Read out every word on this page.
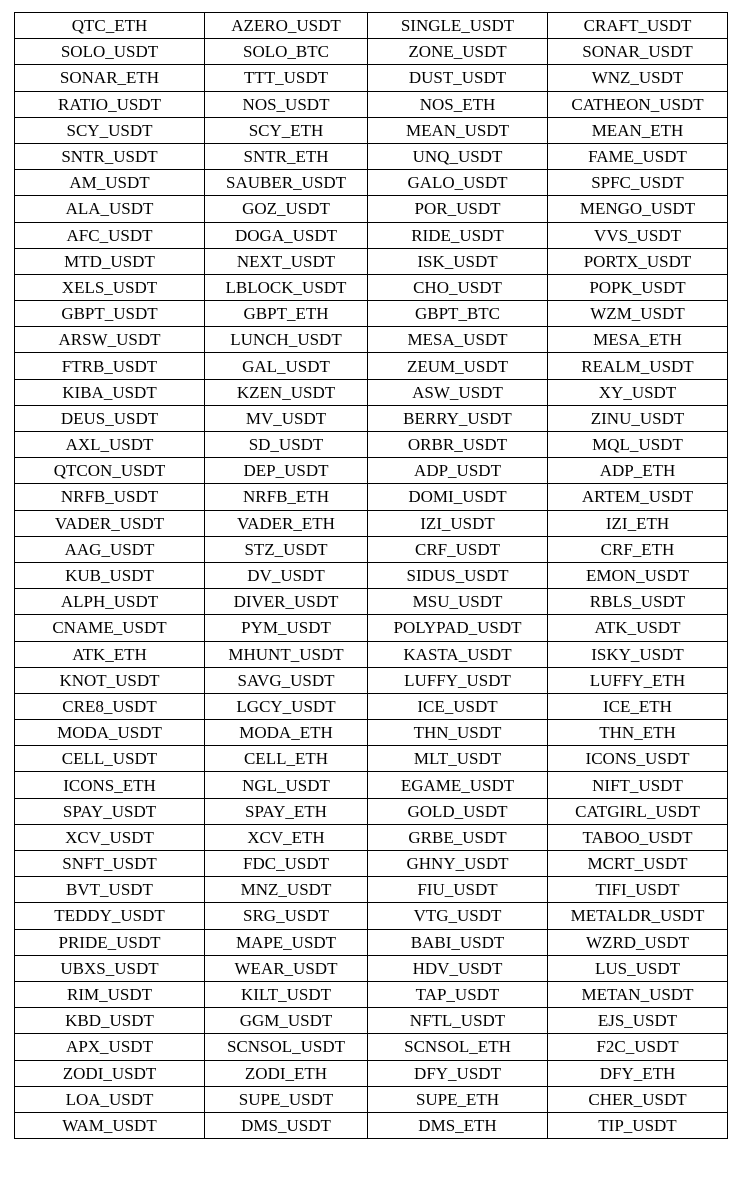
QTC_ETH	AZERO_USDT	SINGLE_USDT	CRAFT_USDT
SOLO_USDT	SOLO_BTC	ZONE_USDT	SONAR_USDT
SONAR_ETH	TTT_USDT	DUST_USDT	WNZ_USDT
RATIO_USDT	NOS_USDT	NOS_ETH	CATHEON_USDT
SCY_USDT	SCY_ETH	MEAN_USDT	MEAN_ETH
SNTR_USDT	SNTR_ETH	UNQ_USDT	FAME_USDT
AM_USDT	SAUBER_USDT	GALO_USDT	SPFC_USDT
ALA_USDT	GOZ_USDT	POR_USDT	MENGO_USDT
AFC_USDT	DOGA_USDT	RIDE_USDT	VVS_USDT
MTD_USDT	NEXT_USDT	ISK_USDT	PORTX_USDT
XELS_USDT	LBLOCK_USDT	CHO_USDT	POPK_USDT
GBPT_USDT	GBPT_ETH	GBPT_BTC	WZM_USDT
ARSW_USDT	LUNCH_USDT	MESA_USDT	MESA_ETH
FTRB_USDT	GAL_USDT	ZEUM_USDT	REALM_USDT
KIBA_USDT	KZEN_USDT	ASW_USDT	XY_USDT
DEUS_USDT	MV_USDT	BERRY_USDT	ZINU_USDT
AXL_USDT	SD_USDT	ORBR_USDT	MQL_USDT
QTCON_USDT	DEP_USDT	ADP_USDT	ADP_ETH
NRFB_USDT	NRFB_ETH	DOMI_USDT	ARTEM_USDT
VADER_USDT	VADER_ETH	IZI_USDT	IZI_ETH
AAG_USDT	STZ_USDT	CRF_USDT	CRF_ETH
KUB_USDT	DV_USDT	SIDUS_USDT	EMON_USDT
ALPH_USDT	DIVER_USDT	MSU_USDT	RBLS_USDT
CNAME_USDT	PYM_USDT	POLYPAD_USDT	ATK_USDT
ATK_ETH	MHUNT_USDT	KASTA_USDT	ISKY_USDT
KNOT_USDT	SAVG_USDT	LUFFY_USDT	LUFFY_ETH
CRE8_USDT	LGCY_USDT	ICE_USDT	ICE_ETH
MODA_USDT	MODA_ETH	THN_USDT	THN_ETH
CELL_USDT	CELL_ETH	MLT_USDT	ICONS_USDT
ICONS_ETH	NGL_USDT	EGAME_USDT	NIFT_USDT
SPAY_USDT	SPAY_ETH	GOLD_USDT	CATGIRL_USDT
XCV_USDT	XCV_ETH	GRBE_USDT	TABOO_USDT
SNFT_USDT	FDC_USDT	GHNY_USDT	MCRT_USDT
BVT_USDT	MNZ_USDT	FIU_USDT	TIFI_USDT
TEDDY_USDT	SRG_USDT	VTG_USDT	METALDR_USDT
PRIDE_USDT	MAPE_USDT	BABI_USDT	WZRD_USDT
UBXS_USDT	WEAR_USDT	HDV_USDT	LUS_USDT
RIM_USDT	KILT_USDT	TAP_USDT	METAN_USDT
KBD_USDT	GGM_USDT	NFTL_USDT	EJS_USDT
APX_USDT	SCNSOL_USDT	SCNSOL_ETH	F2C_USDT
ZODI_USDT	ZODI_ETH	DFY_USDT	DFY_ETH
LOA_USDT	SUPE_USDT	SUPE_ETH	CHER_USDT
WAM_USDT	DMS_USDT	DMS_ETH	TIP_USDT
